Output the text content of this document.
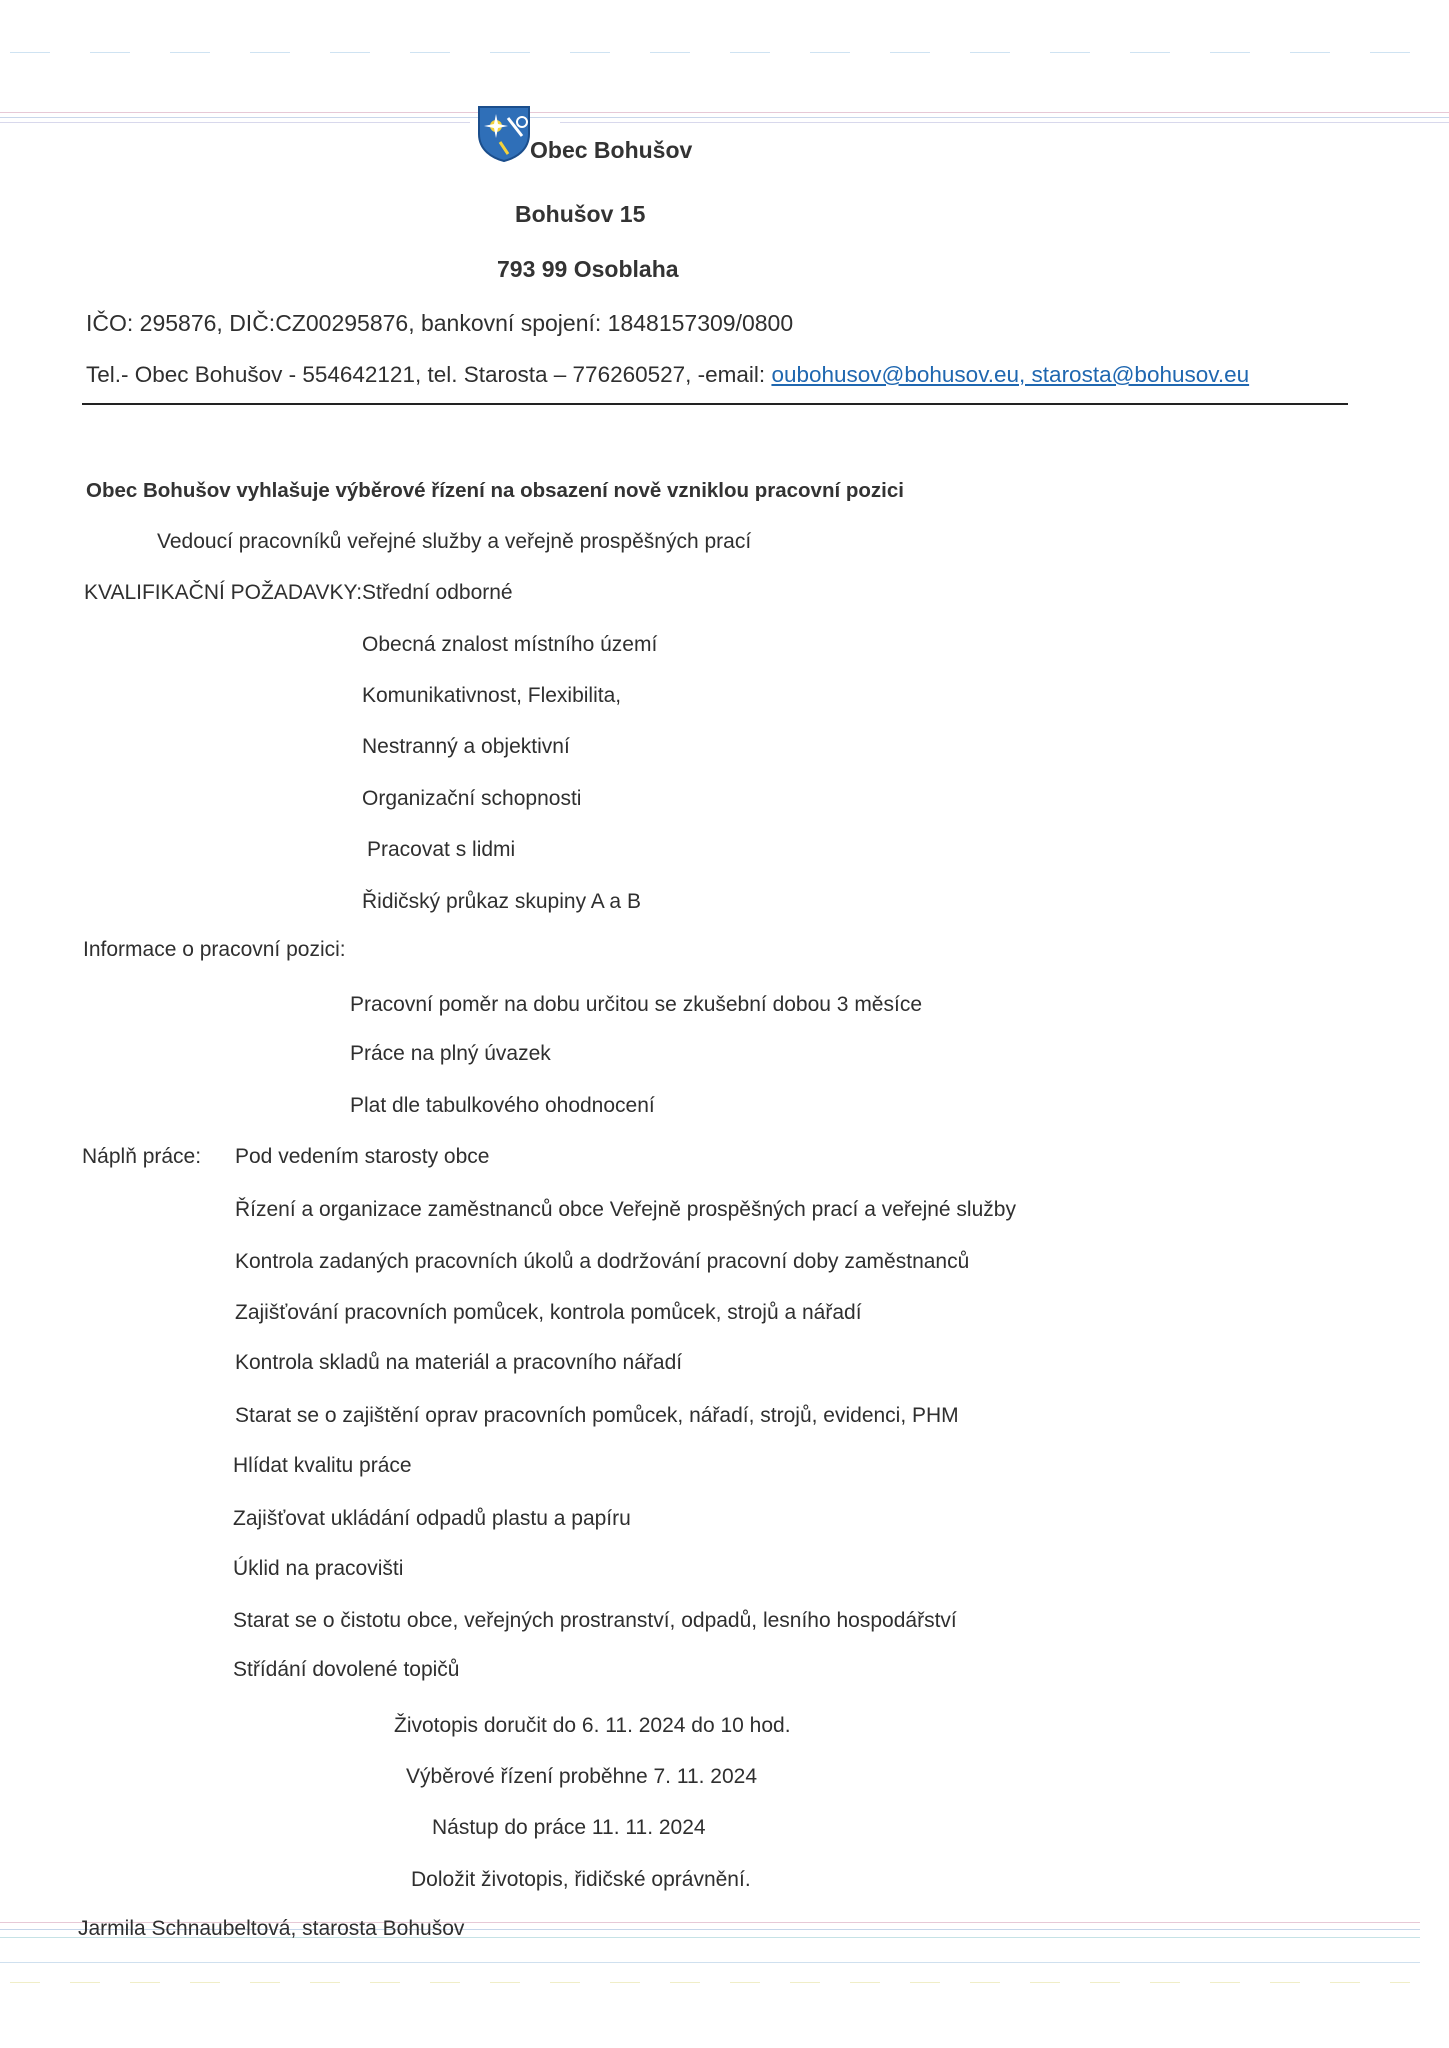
Obec Bohušov
Bohušov 15
793 99 Osoblaha
IČO: 295876, DIČ:CZ00295876, bankovní spojení: 1848157309/0800
Tel.- Obec Bohušov - 554642121, tel. Starosta – 776260527, -email: oubohusov@bohusov.eu, starosta@bohusov.eu
Obec Bohušov vyhlašuje výběrové řízení na obsazení nově vzniklou pracovní pozici
Vedoucí pracovníků veřejné služby a veřejně prospěšných prací
KVALIFIKAČNÍ POŽADAVKY: Střední odborné
Obecná znalost místního území
Komunikativnost, Flexibilita,
Nestranný a objektivní
Organizační schopnosti
Pracovat s lidmi
Řidičský průkaz skupiny A a B
Informace o pracovní pozici:
Pracovní poměr na dobu určitou se zkušební dobou 3 měsíce
Práce na plný úvazek
Plat dle tabulkového ohodnocení
Náplň práce: Pod vedením starosty obce
Řízení a organizace zaměstnanců obce Veřejně prospěšných prací a veřejné služby
Kontrola zadaných pracovních úkolů a dodržování pracovní doby zaměstnanců
Zajišťování pracovních pomůcek, kontrola pomůcek, strojů a nářadí
Kontrola skladů na materiál a pracovního nářadí
Starat se o zajištění oprav pracovních pomůcek, nářadí, strojů, evidenci, PHM
Hlídat kvalitu práce
Zajišťovat ukládání odpadů plastu a papíru
Úklid na pracovišti
Starat se o čistotu obce, veřejných prostranství, odpadů, lesního hospodářství
Střídání dovolené topičů
Životopis doručit do 6. 11. 2024 do 10 hod.
Výběrové řízení proběhne 7. 11. 2024
Nástup do práce 11. 11. 2024
Doložit životopis, řidičské oprávnění.
Jarmila Schnaubeltová, starosta Bohušov
